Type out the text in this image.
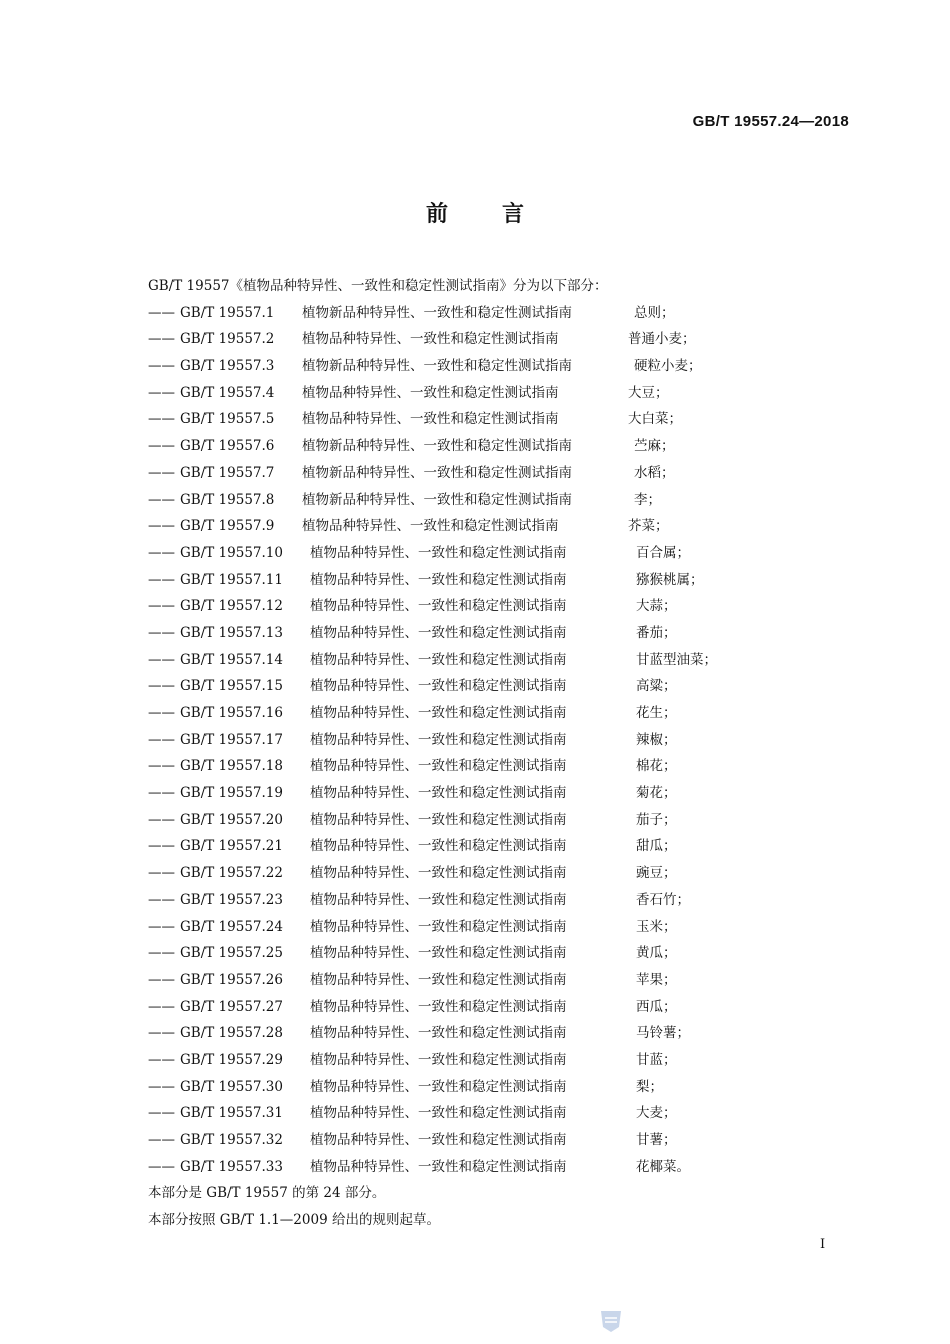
GB/T 19557.24—2018
前言
GB/T 19557《植物品种特异性、一致性和稳定性测试指南》分为以下部分：
—— GB/T 19557.1 植物新品种特异性、一致性和稳定性测试指南	总则；
—— GB/T 19557.2 植物品种特异性、一致性和稳定性测试指南	普通小麦；
—— GB/T 19557.3 植物新品种特异性、一致性和稳定性测试指南	硬粒小麦；
—— GB/T 19557.4 植物品种特异性、一致性和稳定性测试指南	大豆；
—— GB/T 19557.5 植物品种特异性、一致性和稳定性测试指南	大白菜；
—— GB/T 19557.6 植物新品种特异性、一致性和稳定性测试指南	苎麻；
—— GB/T 19557.7 植物新品种特异性、一致性和稳定性测试指南	水稻；
—— GB/T 19557.8 植物新品种特异性、一致性和稳定性测试指南	李；
—— GB/T 19557.9 植物品种特异性、一致性和稳定性测试指南	芥菜；
—— GB/T 19557.10 植物品种特异性、一致性和稳定性测试指南	百合属；
—— GB/T 19557.11 植物品种特异性、一致性和稳定性测试指南	猕猴桃属；
—— GB/T 19557.12 植物品种特异性、一致性和稳定性测试指南	大蒜；
—— GB/T 19557.13 植物品种特异性、一致性和稳定性测试指南	番茄；
—— GB/T 19557.14 植物品种特异性、一致性和稳定性测试指南	甘蓝型油菜；
—— GB/T 19557.15 植物品种特异性、一致性和稳定性测试指南	高粱；
—— GB/T 19557.16 植物品种特异性、一致性和稳定性测试指南	花生；
—— GB/T 19557.17 植物品种特异性、一致性和稳定性测试指南	辣椒；
—— GB/T 19557.18 植物品种特异性、一致性和稳定性测试指南	棉花；
—— GB/T 19557.19 植物品种特异性、一致性和稳定性测试指南	菊花；
—— GB/T 19557.20 植物品种特异性、一致性和稳定性测试指南	茄子；
—— GB/T 19557.21 植物品种特异性、一致性和稳定性测试指南	甜瓜；
—— GB/T 19557.22 植物品种特异性、一致性和稳定性测试指南	豌豆；
—— GB/T 19557.23 植物品种特异性、一致性和稳定性测试指南	香石竹；
—— GB/T 19557.24 植物品种特异性、一致性和稳定性测试指南	玉米；
—— GB/T 19557.25 植物品种特异性、一致性和稳定性测试指南	黄瓜；
—— GB/T 19557.26 植物品种特异性、一致性和稳定性测试指南	苹果；
—— GB/T 19557.27 植物品种特异性、一致性和稳定性测试指南	西瓜；
—— GB/T 19557.28 植物品种特异性、一致性和稳定性测试指南	马铃薯；
—— GB/T 19557.29 植物品种特异性、一致性和稳定性测试指南	甘蓝；
—— GB/T 19557.30 植物品种特异性、一致性和稳定性测试指南	梨；
—— GB/T 19557.31 植物品种特异性、一致性和稳定性测试指南	大麦；
—— GB/T 19557.32 植物品种特异性、一致性和稳定性测试指南	甘薯；
—— GB/T 19557.33 植物品种特异性、一致性和稳定性测试指南	花椰菜。
本部分是 GB/T 19557 的第 24 部分。
本部分按照 GB/T 1.1—2009 给出的规则起草。
I
